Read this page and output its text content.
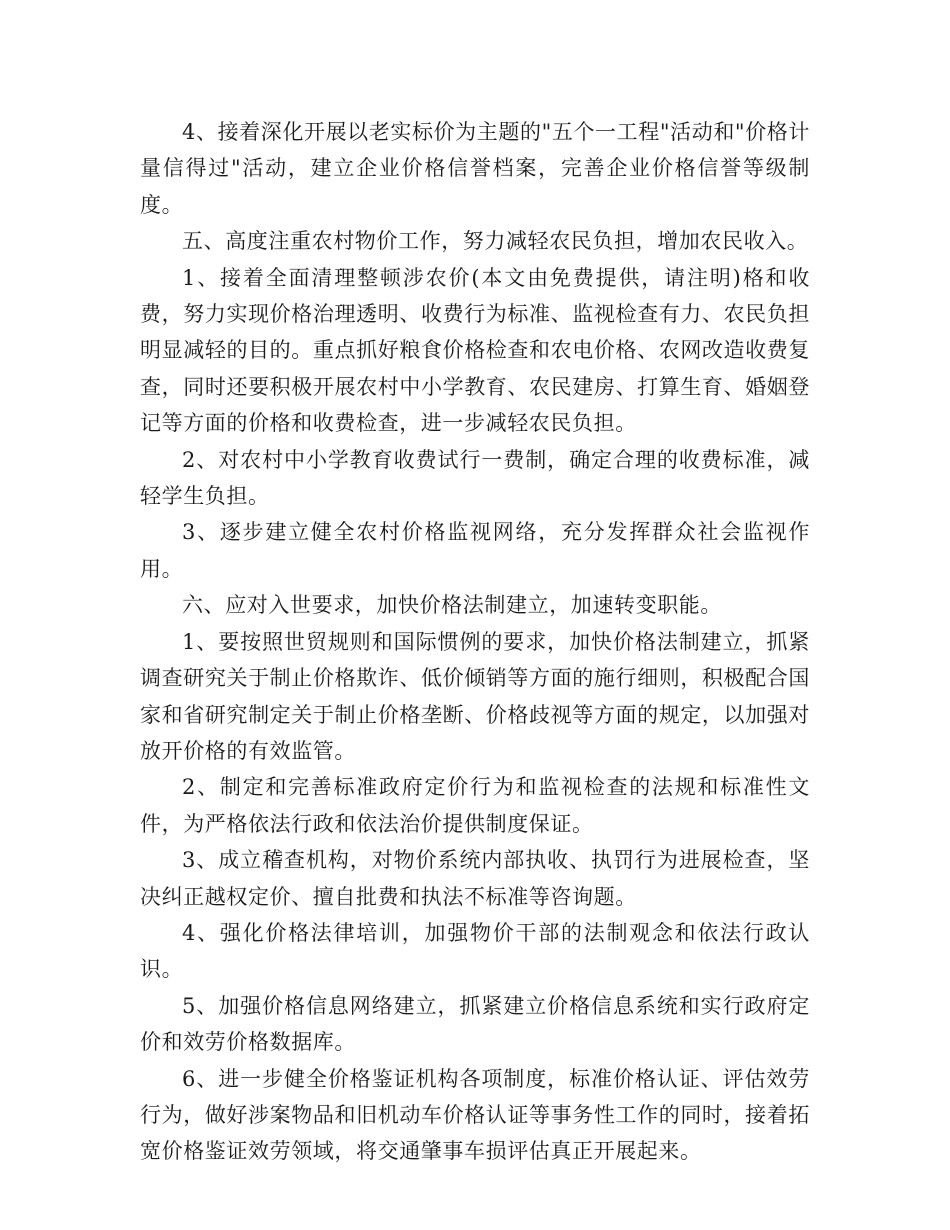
4、接着深化开展以老实标价为主题的"五个一工程"活动和"价格计量信得过"活动，建立企业价格信誉档案，完善企业价格信誉等级制度。

五、高度注重农村物价工作，努力减轻农民负担，增加农民收入。

1、接着全面清理整顿涉农价(本文由免费提供，请注明)格和收费，努力实现价格治理透明、收费行为标准、监视检查有力、农民负担明显减轻的目的。重点抓好粮食价格检查和农电价格、农网改造收费复查，同时还要积极开展农村中小学教育、农民建房、打算生育、婚姻登记等方面的价格和收费检查，进一步减轻农民负担。

2、对农村中小学教育收费试行一费制，确定合理的收费标准，减轻学生负担。

3、逐步建立健全农村价格监视网络，充分发挥群众社会监视作用。

六、应对入世要求，加快价格法制建立，加速转变职能。

1、要按照世贸规则和国际惯例的要求，加快价格法制建立，抓紧调查研究关于制止价格欺诈、低价倾销等方面的施行细则，积极配合国家和省研究制定关于制止价格垄断、价格歧视等方面的规定，以加强对放开价格的有效监管。

2、制定和完善标准政府定价行为和监视检查的法规和标准性文件，为严格依法行政和依法治价提供制度保证。

3、成立稽查机构，对物价系统内部执收、执罚行为进展检查，坚决纠正越权定价、擅自批费和执法不标准等咨询题。

4、强化价格法律培训，加强物价干部的法制观念和依法行政认识。

5、加强价格信息网络建立，抓紧建立价格信息系统和实行政府定价和效劳价格数据库。

6、进一步健全价格鉴证机构各项制度，标准价格认证、评估效劳行为，做好涉案物品和旧机动车价格认证等事务性工作的同时，接着拓宽价格鉴证效劳领域，将交通肇事车损评估真正开展起来。
